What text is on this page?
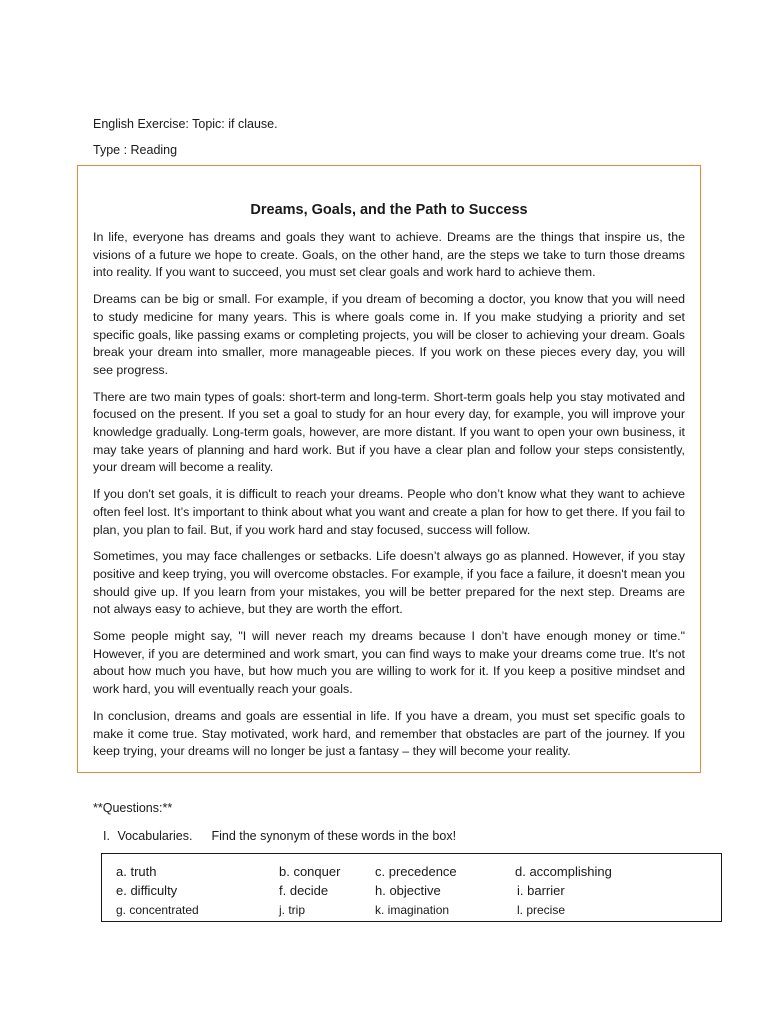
English Exercise: Topic: if clause.
Type : Reading
Dreams, Goals, and the Path to Success

In life, everyone has dreams and goals they want to achieve. Dreams are the things that inspire us, the visions of a future we hope to create. Goals, on the other hand, are the steps we take to turn those dreams into reality. If you want to succeed, you must set clear goals and work hard to achieve them.

Dreams can be big or small. For example, if you dream of becoming a doctor, you know that you will need to study medicine for many years. This is where goals come in. If you make studying a priority and set specific goals, like passing exams or completing projects, you will be closer to achieving your dream. Goals break your dream into smaller, more manageable pieces. If you work on these pieces every day, you will see progress.

There are two main types of goals: short-term and long-term. Short-term goals help you stay motivated and focused on the present. If you set a goal to study for an hour every day, for example, you will improve your knowledge gradually. Long-term goals, however, are more distant. If you want to open your own business, it may take years of planning and hard work. But if you have a clear plan and follow your steps consistently, your dream will become a reality.

If you don't set goals, it is difficult to reach your dreams. People who don’t know what they want to achieve often feel lost. It’s important to think about what you want and create a plan for how to get there. If you fail to plan, you plan to fail. But, if you work hard and stay focused, success will follow.

Sometimes, you may face challenges or setbacks. Life doesn’t always go as planned. However, if you stay positive and keep trying, you will overcome obstacles. For example, if you face a failure, it doesn't mean you should give up. If you learn from your mistakes, you will be better prepared for the next step. Dreams are not always easy to achieve, but they are worth the effort.

Some people might say, "I will never reach my dreams because I don’t have enough money or time." However, if you are determined and work smart, you can find ways to make your dreams come true. It's not about how much you have, but how much you are willing to work for it. If you keep a positive mindset and work hard, you will eventually reach your goals.

In conclusion, dreams and goals are essential in life. If you have a dream, you must set specific goals to make it come true. Stay motivated, work hard, and remember that obstacles are part of the journey. If you keep trying, your dreams will no longer be just a fantasy – they will become your reality.

**Questions:**
I. Vocabularies. Find the synonym of these words in the box!
a. truth	b. conquer	c. precedence	d. accomplishing
e. difficulty	f. decide	h. objective	i. barrier
g. concentrated	j. trip	k. imagination	l. precise
